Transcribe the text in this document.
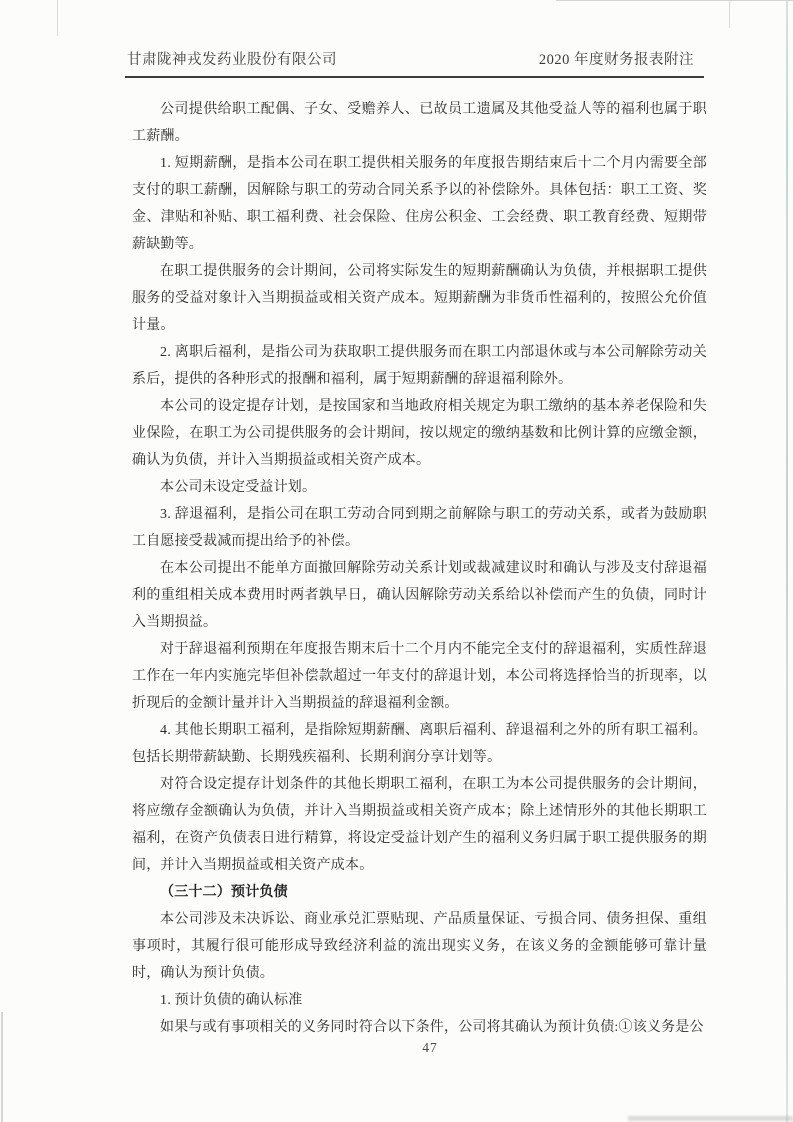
甘肃陇神戎发药业股份有限公司	2020 年度财务报表附注

公司提供给职工配偶、子女、受赡养人、已故员工遗属及其他受益人等的福利也属于职工薪酬。

1. 短期薪酬，是指本公司在职工提供相关服务的年度报告期结束后十二个月内需要全部支付的职工薪酬，因解除与职工的劳动合同关系予以的补偿除外。具体包括：职工工资、奖金、津贴和补贴、职工福利费、社会保险、住房公积金、工会经费、职工教育经费、短期带薪缺勤等。

在职工提供服务的会计期间，公司将实际发生的短期薪酬确认为负债，并根据职工提供服务的受益对象计入当期损益或相关资产成本。短期薪酬为非货币性福利的，按照公允价值计量。

2. 离职后福利，是指公司为获取职工提供服务而在职工内部退休或与本公司解除劳动关系后，提供的各种形式的报酬和福利，属于短期薪酬的辞退福利除外。

本公司的设定提存计划，是按国家和当地政府相关规定为职工缴纳的基本养老保险和失业保险，在职工为公司提供服务的会计期间，按以规定的缴纳基数和比例计算的应缴金额，确认为负债，并计入当期损益或相关资产成本。

本公司未设定受益计划。

3. 辞退福利，是指公司在职工劳动合同到期之前解除与职工的劳动关系，或者为鼓励职工自愿接受裁减而提出给予的补偿。

在本公司提出不能单方面撤回解除劳动关系计划或裁减建议时和确认与涉及支付辞退福利的重组相关成本费用时两者孰早日，确认因解除劳动关系给以补偿而产生的负债，同时计入当期损益。

对于辞退福利预期在年度报告期末后十二个月内不能完全支付的辞退福利，实质性辞退工作在一年内实施完毕但补偿款超过一年支付的辞退计划，本公司将选择恰当的折现率，以折现后的金额计量并计入当期损益的辞退福利金额。

4. 其他长期职工福利，是指除短期薪酬、离职后福利、辞退福利之外的所有职工福利。包括长期带薪缺勤、长期残疾福利、长期利润分享计划等。

对符合设定提存计划条件的其他长期职工福利，在职工为本公司提供服务的会计期间，将应缴存金额确认为负债，并计入当期损益或相关资产成本；除上述情形外的其他长期职工福利，在资产负债表日进行精算，将设定受益计划产生的福利义务归属于职工提供服务的期间，并计入当期损益或相关资产成本。

（三十二）预计负债

本公司涉及未决诉讼、商业承兑汇票贴现、产品质量保证、亏损合同、债务担保、重组事项时，其履行很可能形成导致经济利益的流出现实义务，在该义务的金额能够可靠计量时，确认为预计负债。

1. 预计负债的确认标准

如果与或有事项相关的义务同时符合以下条件，公司将其确认为预计负债:①该义务是公

47
